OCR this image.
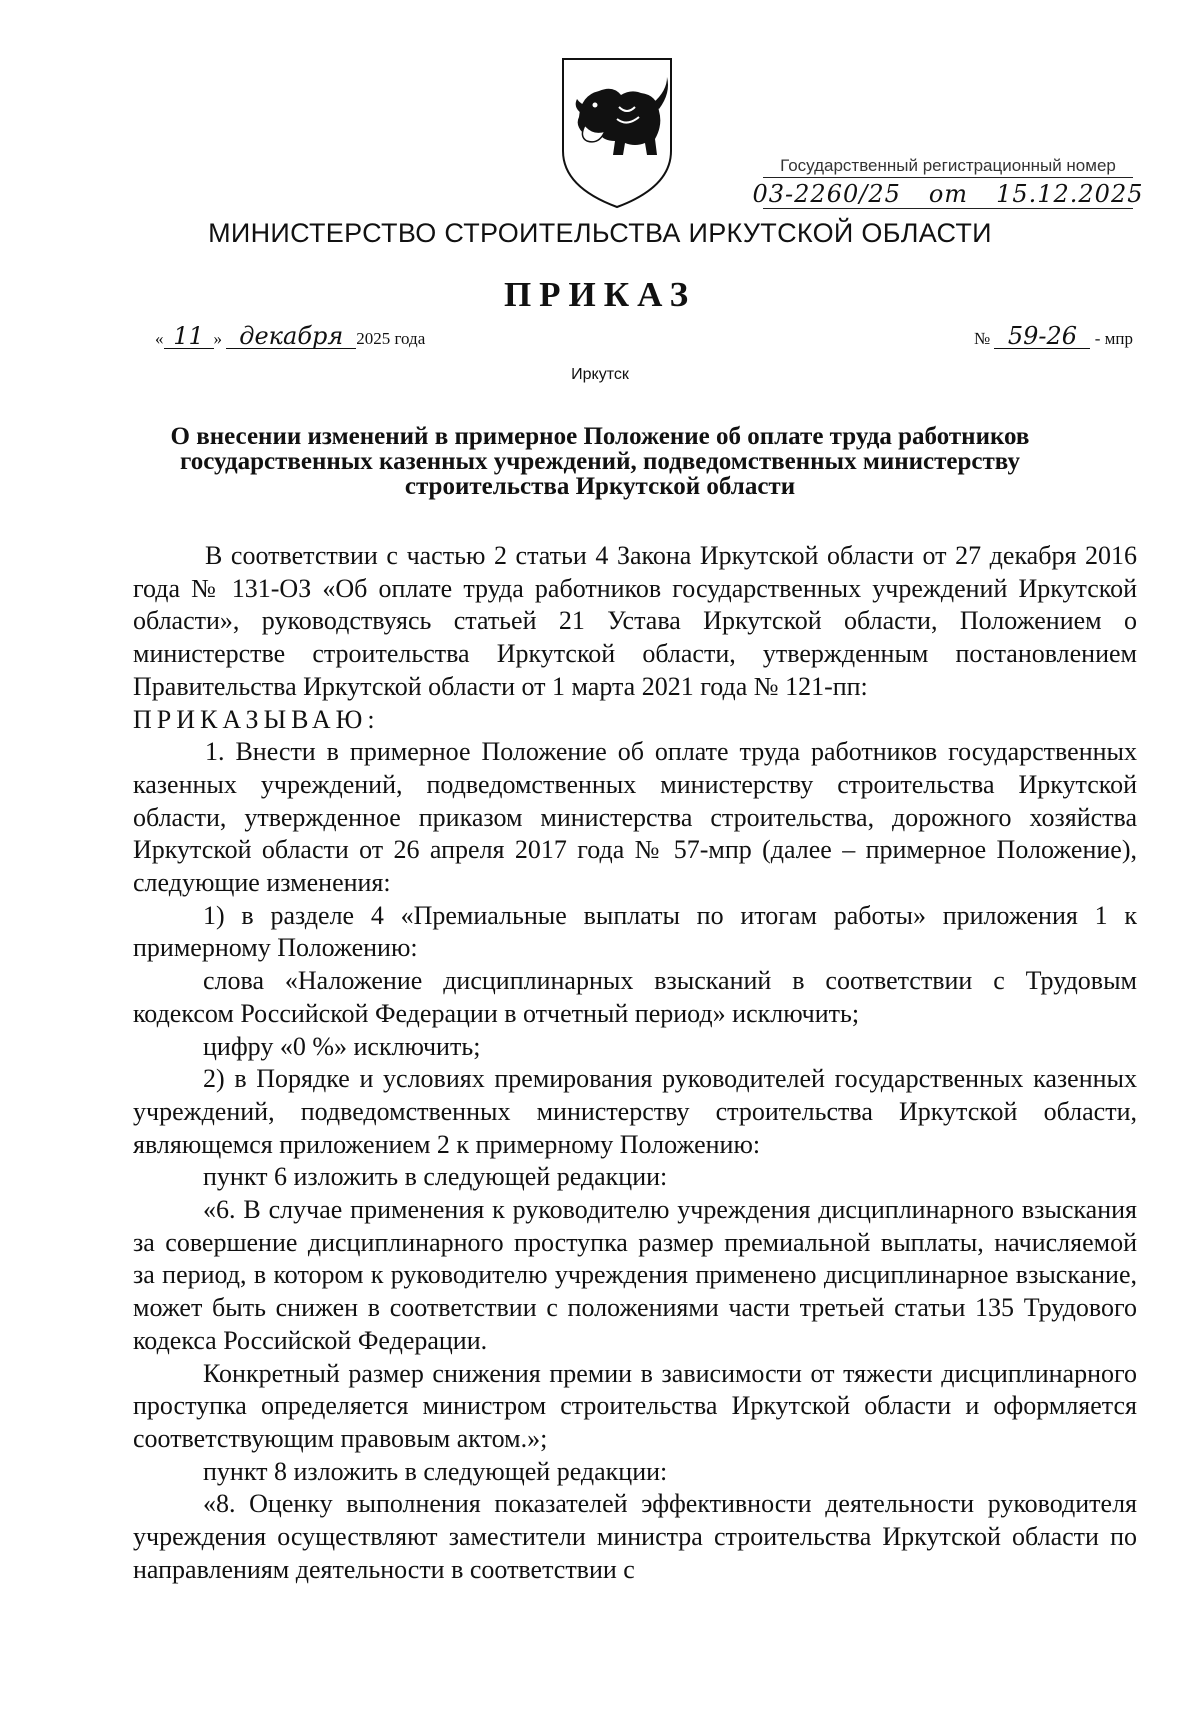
Государственный регистрационный номер
03-2260/25 от 15.12.2025
МИНИСТЕРСТВО СТРОИТЕЛЬСТВА ИРКУТСКОЙ ОБЛАСТИ
ПРИКАЗ
« 11 » декабря 2025 года	№ 59-26 - мпр
Иркутск
О внесении изменений в примерное Положение об оплате труда работников государственных казенных учреждений, подведомственных министерству строительства Иркутской области

В соответствии с частью 2 статьи 4 Закона Иркутской области от 27 декабря 2016 года № 131-ОЗ «Об оплате труда работников государственных учреждений Иркутской области», руководствуясь статьей 21 Устава Иркутской области, Положением о министерстве строительства Иркутской области, утвержденным постановлением Правительства Иркутской области от 1 марта 2021 года № 121-пп:

ПРИКАЗЫВАЮ:

1. Внести в примерное Положение об оплате труда работников государственных казенных учреждений, подведомственных министерству строительства Иркутской области, утвержденное приказом министерства строительства, дорожного хозяйства Иркутской области от 26 апреля 2017 года № 57-мпр (далее – примерное Положение), следующие изменения:

1) в разделе 4 «Премиальные выплаты по итогам работы» приложения 1 к примерному Положению:

слова «Наложение дисциплинарных взысканий в соответствии с Трудовым кодексом Российской Федерации в отчетный период» исключить;

цифру «0 %» исключить;

2) в Порядке и условиях премирования руководителей государственных казенных учреждений, подведомственных министерству строительства Иркутской области, являющемся приложением 2 к примерному Положению:

пункт 6 изложить в следующей редакции:

«6. В случае применения к руководителю учреждения дисциплинарного взыскания за совершение дисциплинарного проступка размер премиальной выплаты, начисляемой за период, в котором к руководителю учреждения применено дисциплинарное взыскание, может быть снижен в соответствии с положениями части третьей статьи 135 Трудового кодекса Российской Федерации.

Конкретный размер снижения премии в зависимости от тяжести дисциплинарного проступка определяется министром строительства Иркутской области и оформляется соответствующим правовым актом.»;

пункт 8 изложить в следующей редакции:

«8. Оценку выполнения показателей эффективности деятельности руководителя учреждения осуществляют заместители министра строительства Иркутской области по направлениям деятельности в соответствии с
